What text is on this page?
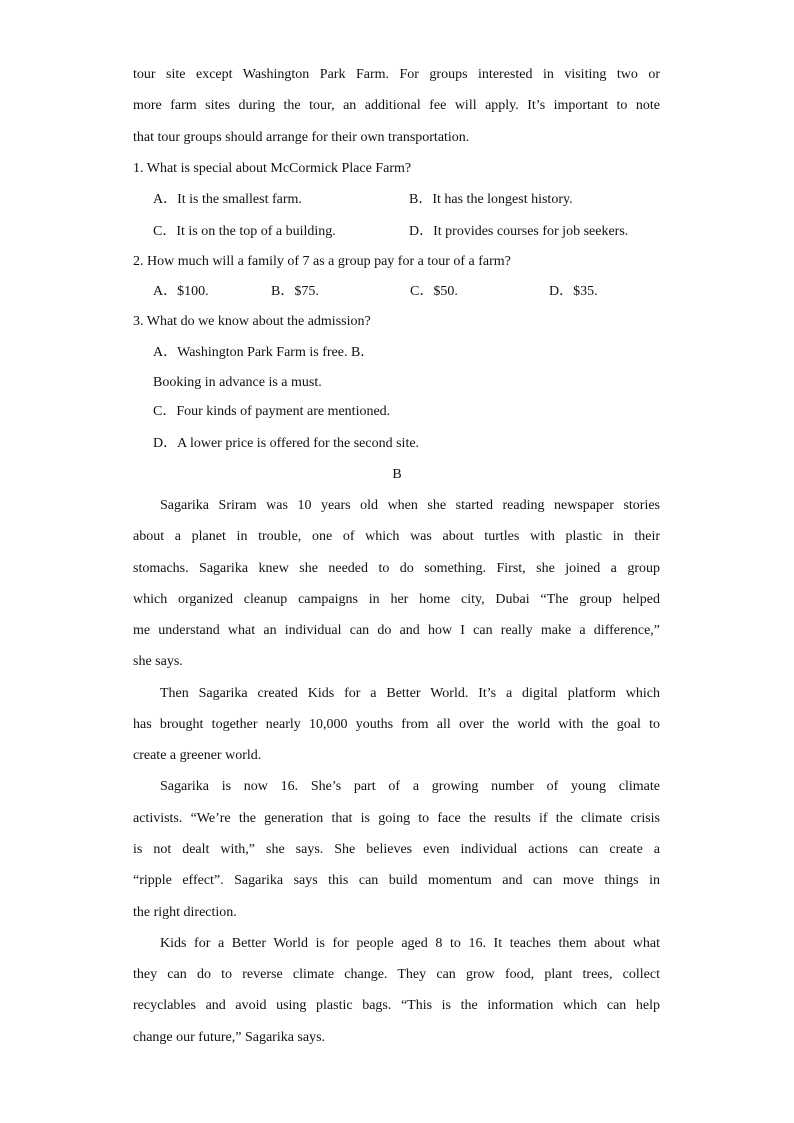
tour site except Washington Park Farm. For groups interested in visiting two or

more farm sites during the tour, an additional fee will apply. It’s important to note

that tour groups should arrange for their own transportation.

1. What is special about McCormick Place Farm?

A．It is the smallest farm.	B．It has the longest history.

C．It is on the top of a building.	D．It provides courses for job seekers.

2. How much will a family of 7 as a group pay for a tour of a farm?

A．$100.	B．$75.	C．$50.	D．$35.

3. What do we know about the admission?

A．Washington Park Farm is free. B．

Booking in advance is a must.

C．Four kinds of payment are mentioned.

D．A lower price is offered for the second site.

B

Sagarika Sriram was 10 years old when she started reading newspaper stories

about a planet in trouble, one of which was about turtles with plastic in their

stomachs. Sagarika knew she needed to do something. First, she joined a group

which organized cleanup campaigns in her home city, Dubai “The group helped

me understand what an individual can do and how I can really make a difference,”

she says.

Then Sagarika created Kids for a Better World. It’s a digital platform which

has brought together nearly 10,000 youths from all over the world with the goal to

create a greener world.

Sagarika is now 16. She’s part of a growing number of young climate

activists. “We’re the generation that is going to face the results if the climate crisis

is not dealt with,” she says. She believes even individual actions can create a

“ripple effect”. Sagarika says this can build momentum and can move things in

the right direction.

Kids for a Better World is for people aged 8 to 16. It teaches them about what

they can do to reverse climate change. They can grow food, plant trees, collect

recyclables and avoid using plastic bags. “This is the information which can help

change our future,” Sagarika says.
